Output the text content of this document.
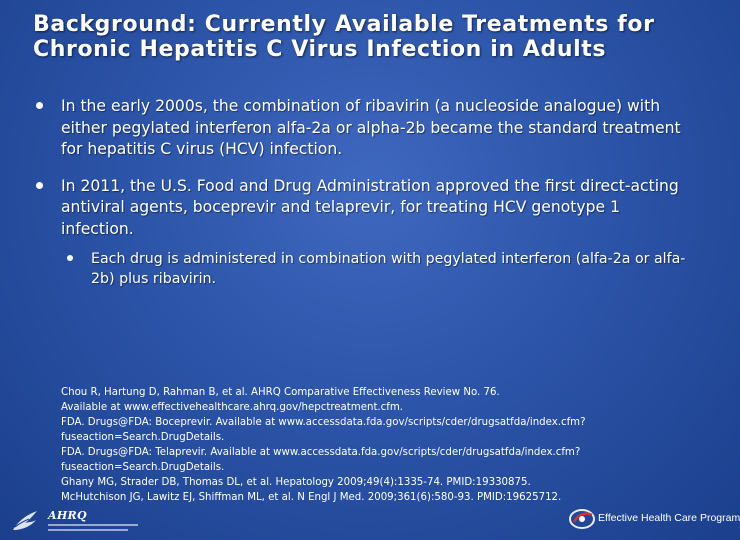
Background: Currently Available Treatments for Chronic Hepatitis C Virus Infection in Adults
In the early 2000s, the combination of ribavirin (a nucleoside analogue) with either pegylated interferon alfa-2a or alpha-2b became the standard treatment for hepatitis C virus (HCV) infection.
In 2011, the U.S. Food and Drug Administration approved the first direct-acting antiviral agents, boceprevir and telaprevir, for treating HCV genotype 1 infection.
Each drug is administered in combination with pegylated interferon (alfa-2a or alfa-2b) plus ribavirin.
Chou R, Hartung D, Rahman B, et al. AHRQ Comparative Effectiveness Review No. 76.
Available at www.effectivehealthcare.ahrq.gov/hepctreatment.cfm.
FDA. Drugs@FDA: Boceprevir. Available at www.accessdata.fda.gov/scripts/cder/drugsatfda/index.cfm?
fuseaction=Search.DrugDetails.
FDA. Drugs@FDA: Telaprevir. Available at www.accessdata.fda.gov/scripts/cder/drugsatfda/index.cfm?
fuseaction=Search.DrugDetails.
Ghany MG, Strader DB, Thomas DL, et al. Hepatology 2009;49(4):1335-74. PMID:19330875.
McHutchison JG, Lawitz EJ, Shiffman ML, et al. N Engl J Med. 2009;361(6):580-93. PMID:19625712.
AHRQ	Effective Health Care Program
